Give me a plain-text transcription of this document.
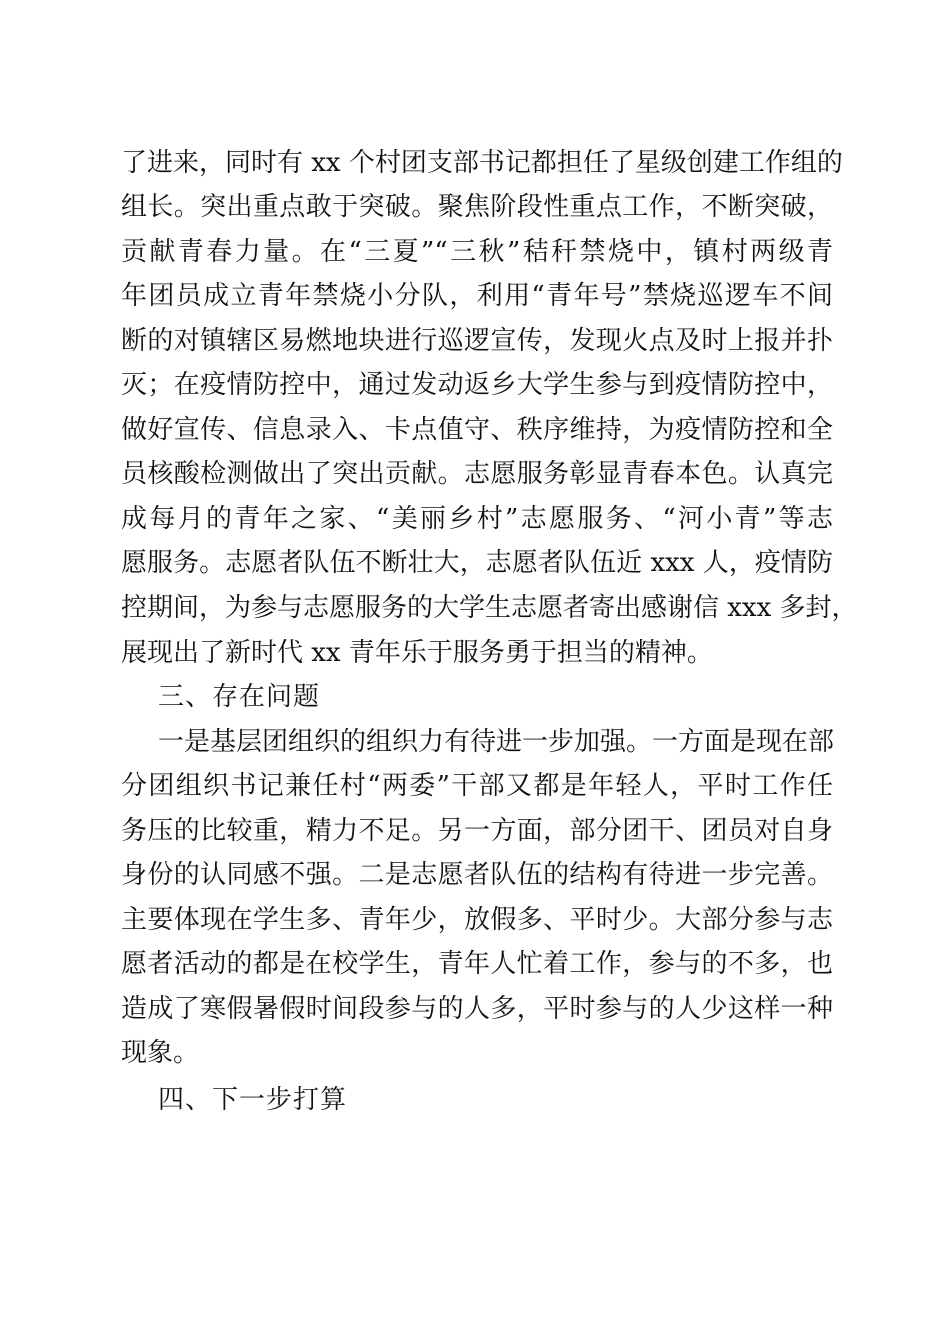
了进来，同时有 xx 个村团支部书记都担任了星级创建工作组的
组长。突出重点敢于突破。聚焦阶段性重点工作，不断突破，
贡献青春力量。在“三夏”“三秋”秸秆禁烧中，镇村两级青
年团员成立青年禁烧小分队，利用“青年号”禁烧巡逻车不间
断的对镇辖区易燃地块进行巡逻宣传，发现火点及时上报并扑
灭；在疫情防控中，通过发动返乡大学生参与到疫情防控中，
做好宣传、信息录入、卡点值守、秩序维持，为疫情防控和全
员核酸检测做出了突出贡献。志愿服务彰显青春本色。认真完
成每月的青年之家、“美丽乡村”志愿服务、“河小青”等志
愿服务。志愿者队伍不断壮大，志愿者队伍近 xxx 人，疫情防
控期间，为参与志愿服务的大学生志愿者寄出感谢信 xxx 多封，
展现出了新时代 xx 青年乐于服务勇于担当的精神。
三、存在问题
一是基层团组织的组织力有待进一步加强。一方面是现在部
分团组织书记兼任村“两委”干部又都是年轻人，平时工作任
务压的比较重，精力不足。另一方面，部分团干、团员对自身
身份的认同感不强。二是志愿者队伍的结构有待进一步完善。
主要体现在学生多、青年少，放假多、平时少。大部分参与志
愿者活动的都是在校学生，青年人忙着工作，参与的不多，也
造成了寒假暑假时间段参与的人多，平时参与的人少这样一种
现象。
四、下一步打算
